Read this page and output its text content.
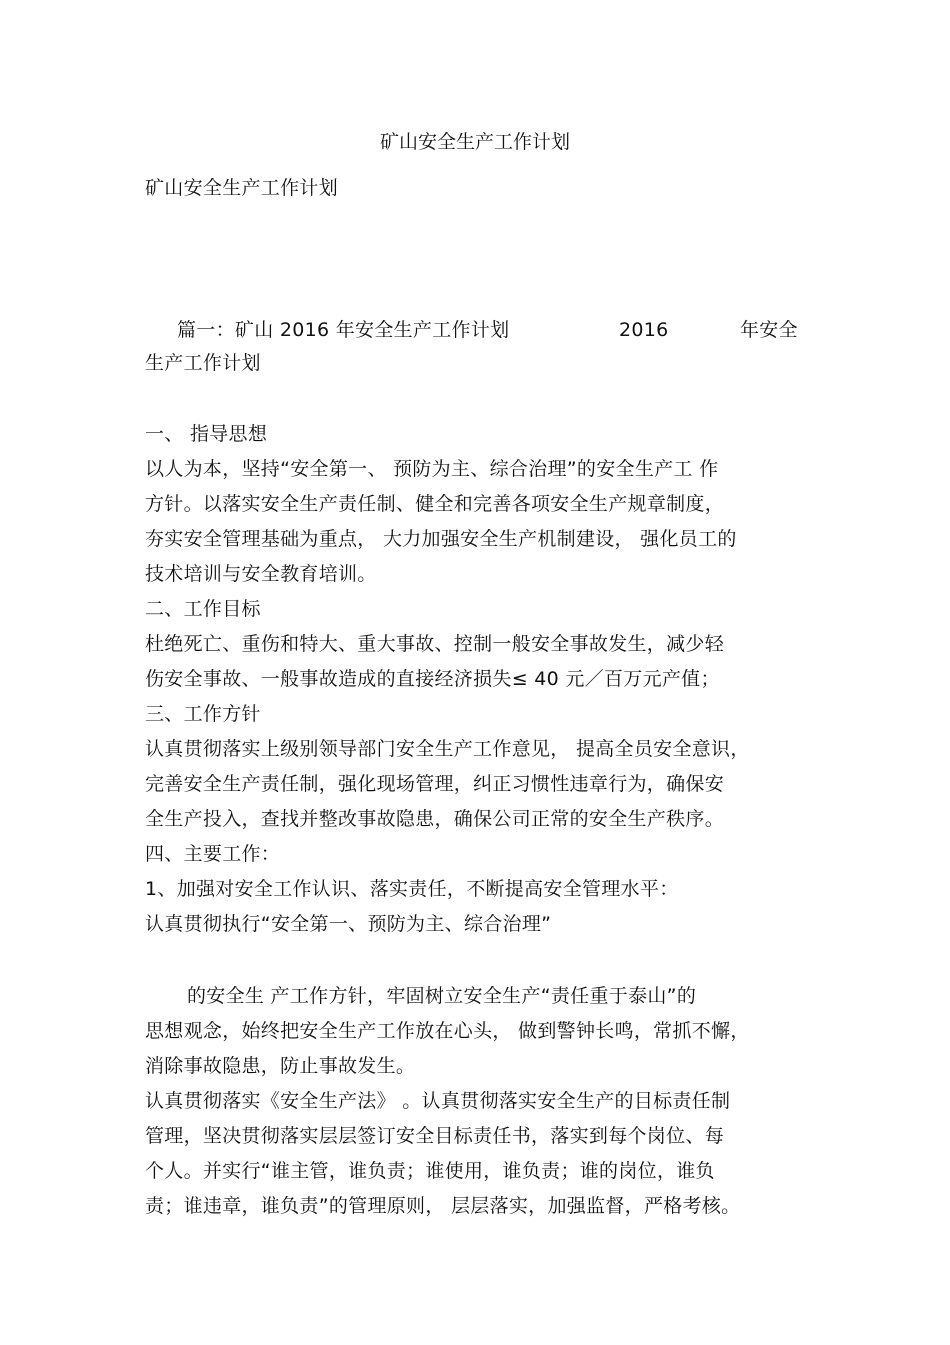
矿山安全生产工作计划
矿山安全生产工作计划
篇一：矿山 2016 年安全生产工作计划	2016	年安全
生产工作计划
一、 指导思想
以人为本，坚持“安全第一、 预防为主、综合治理”的安全生产工 作
方针。以落实安全生产责任制、健全和完善各项安全生产规章制度，
夯实安全管理基础为重点， 大力加强安全生产机制建设， 强化员工的
技术培训与安全教育培训。
二、工作目标
杜绝死亡、重伤和特大、重大事故、控制一般安全事故发生，减少轻
伤安全事故、一般事故造成的直接经济损失≤ 40 元／百万元产值；
三、工作方针
认真贯彻落实上级别领导部门安全生产工作意见， 提高全员安全意识，
完善安全生产责任制，强化现场管理，纠正习惯性违章行为，确保安
全生产投入，查找并整改事故隐患，确保公司正常的安全生产秩序。
四、主要工作：
1、加强对安全工作认识、落实责任，不断提高安全管理水平：
认真贯彻执行“安全第一、预防为主、综合治理”
的安全生 产工作方针，牢固树立安全生产“责任重于泰山”的
思想观念，始终把安全生产工作放在心头， 做到警钟长鸣，常抓不懈，
消除事故隐患，防止事故发生。
认真贯彻落实《安全生产法》 。认真贯彻落实安全生产的目标责任制
管理，坚决贯彻落实层层签订安全目标责任书，落实到每个岗位、每
个人。并实行“谁主管，谁负责；谁使用，谁负责；谁的岗位，谁负
责；谁违章，谁负责”的管理原则， 层层落实，加强监督，严格考核。
